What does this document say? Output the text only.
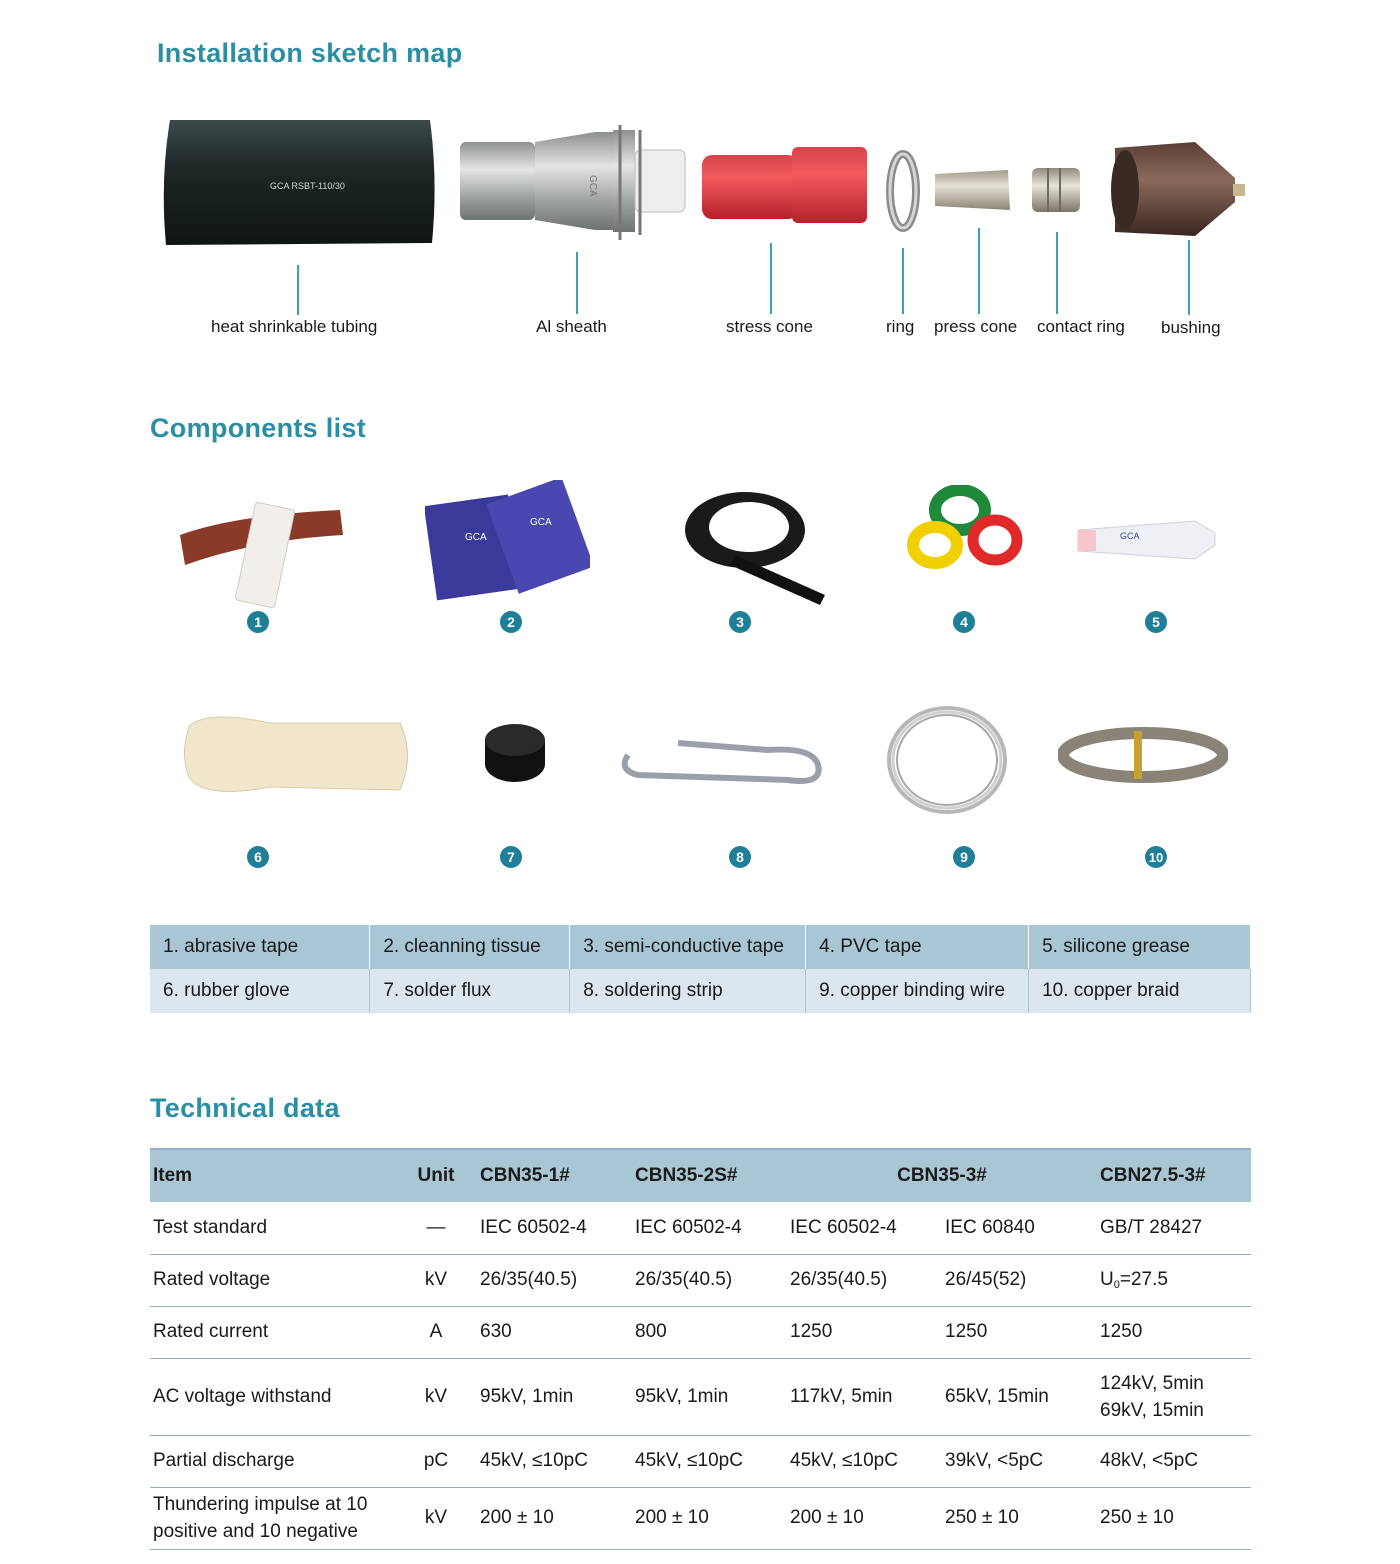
Installation sketch map
GCA RSBT-110/30	GCA
heat shrinkable tubing	Al sheath	stress cone	ring press cone contact ring bushing
Components list
GCA
GCA
GCA
1	2	3	4	5
6	7	8	9	10
1. abrasive tape	2. cleanning tissue	3. semi-conductive tape	4. PVC tape	5. silicone grease
6. rubber glove	7. solder flux	8. soldering strip	9. copper binding wire	10. copper braid
Technical data
Item	Unit	CBN35-1#	CBN35-2S#	CBN35-3#		CBN27.5-3#
Test standard	—	IEC 60502-4	IEC 60502-4	IEC 60502-4	IEC 60840	GB/T 28427
Rated voltage	kV	26/35(40.5)	26/35(40.5)	26/35(40.5)	26/45(52)	$U_0=27.5$
Rated current	A	630	800	1250	1250	1250
AC voltage withstand	kV	95kV, 1min	95kV, 1min	117kV, 5min	65kV, 15min	124kV, 5min
69kV, 15min

Partial discharge	pC	45kV, ≤10pC	45kV, ≤10pC	45kV, ≤10pC	39kV, <5pC	48kV, <5pC

Thundering impulse at 10
positive and 10 negative	kV	200 ± 10	200 ± 10	200 ± 10	250 ± 10	250 ± 10
